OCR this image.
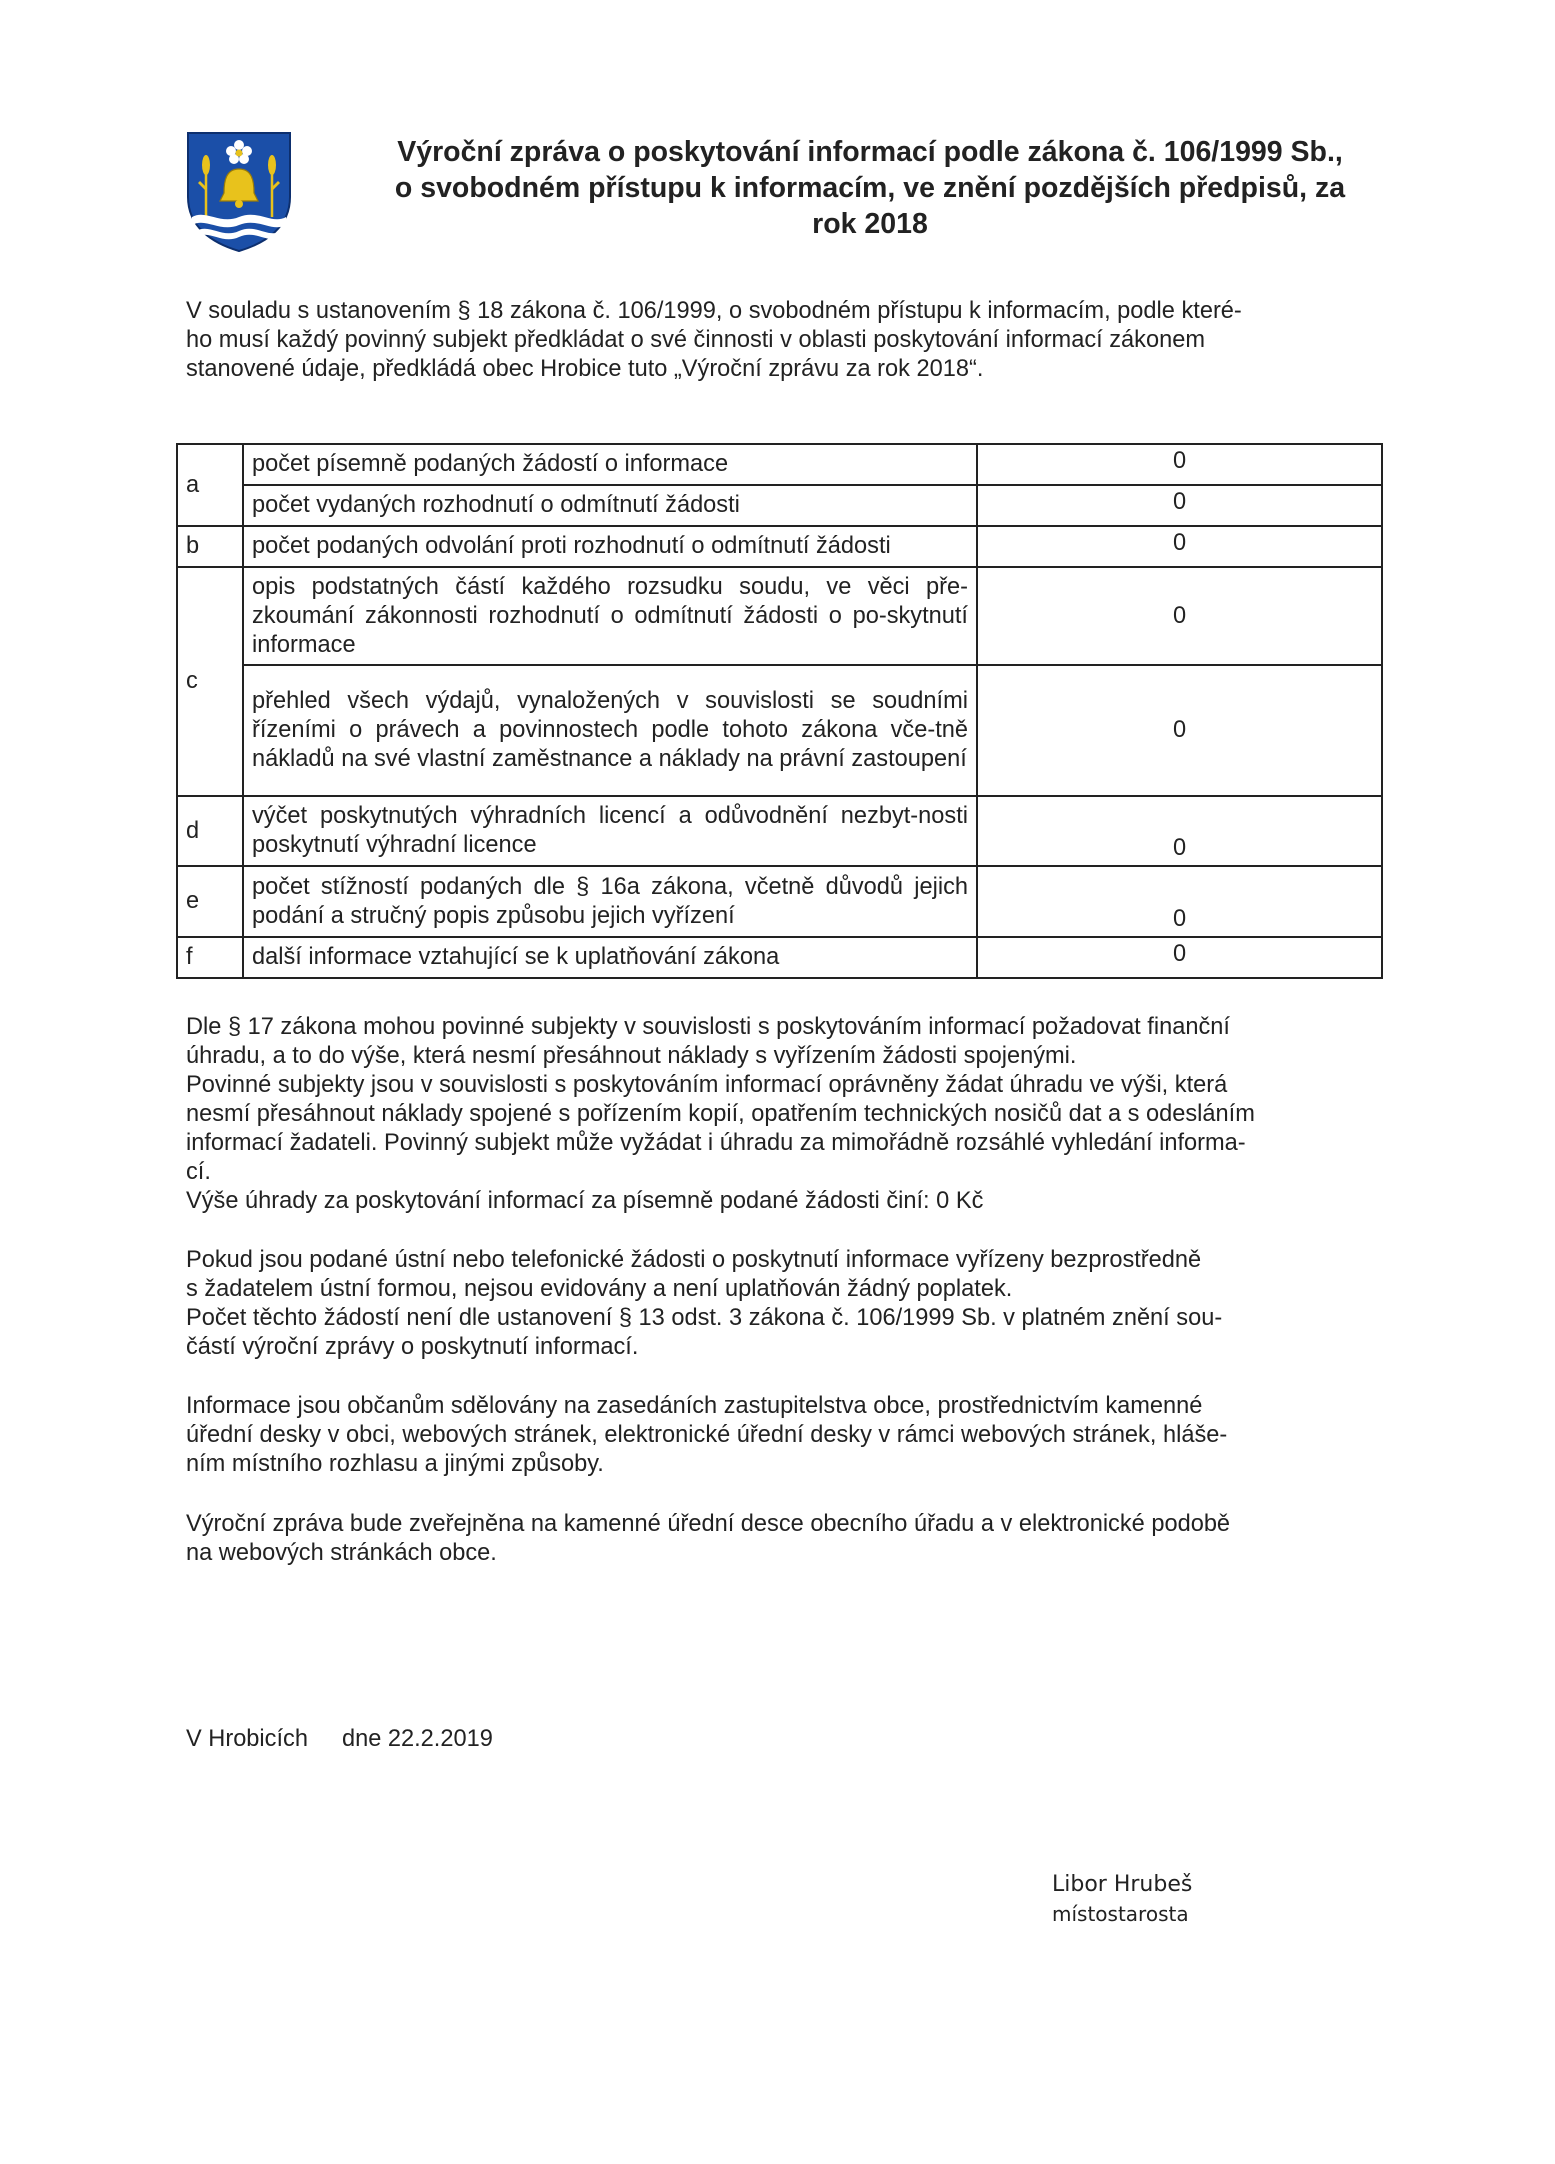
Výroční zpráva o poskytování informací podle zákona č. 106/1999 Sb.,
o svobodném přístupu k informacím, ve znění pozdějších předpisů, za
rok 2018
V souladu s ustanovením § 18 zákona č. 106/1999, o svobodném přístupu k informacím, podle které-
ho musí každý povinný subjekt předkládat o své činnosti v oblasti poskytování informací zákonem
stanovené údaje, předkládá obec Hrobice tuto „Výroční zprávu za rok 2018“.
a	počet písemně podaných žádostí o informace	0
	počet vydaných rozhodnutí o odmítnutí žádosti	0
b	počet podaných odvolání proti rozhodnutí o odmítnutí žádosti	0
c	opis podstatných částí každého rozsudku soudu, ve věci pře-zkoumání zákonnosti rozhodnutí o odmítnutí žádosti o po-skytnutí informace	0
	přehled všech výdajů, vynaložených v souvislosti se soudními řízeními o právech a povinnostech podle tohoto zákona vče-tně nákladů na své vlastní zaměstnance a náklady na právní zastoupení	0
d	výčet poskytnutých výhradních licencí a odůvodnění nezbyt-nosti poskytnutí výhradní licence	0
e	počet stížností podaných dle § 16a zákona, včetně důvodů jejich podání a stručný popis způsobu jejich vyřízení	0
f	další informace vztahující se k uplatňování zákona	0
Dle § 17 zákona mohou povinné subjekty v souvislosti s poskytováním informací požadovat finanční
úhradu, a to do výše, která nesmí přesáhnout náklady s vyřízením žádosti spojenými.
Povinné subjekty jsou v souvislosti s poskytováním informací oprávněny žádat úhradu ve výši, která
nesmí přesáhnout náklady spojené s pořízením kopií, opatřením technických nosičů dat a s odesláním
informací žadateli. Povinný subjekt může vyžádat i úhradu za mimořádně rozsáhlé vyhledání informa-
cí.
Výše úhrady za poskytování informací za písemně podané žádosti činí: 0 Kč
Pokud jsou podané ústní nebo telefonické žádosti o poskytnutí informace vyřízeny bezprostředně
s žadatelem ústní formou, nejsou evidovány a není uplatňován žádný poplatek.
Počet těchto žádostí není dle ustanovení § 13 odst. 3 zákona č. 106/1999 Sb. v platném znění sou-
částí výroční zprávy o poskytnutí informací.
Informace jsou občanům sdělovány na zasedáních zastupitelstva obce, prostřednictvím kamenné
úřední desky v obci, webových stránek, elektronické úřední desky v rámci webových stránek, hláše-
ním místního rozhlasu a jinými způsoby.
Výroční zpráva bude zveřejněna na kamenné úřední desce obecního úřadu a v elektronické podobě
na webových stránkách obce.
V Hrobicích dne 22.2.2019
Libor Hrubeš
místostarosta
